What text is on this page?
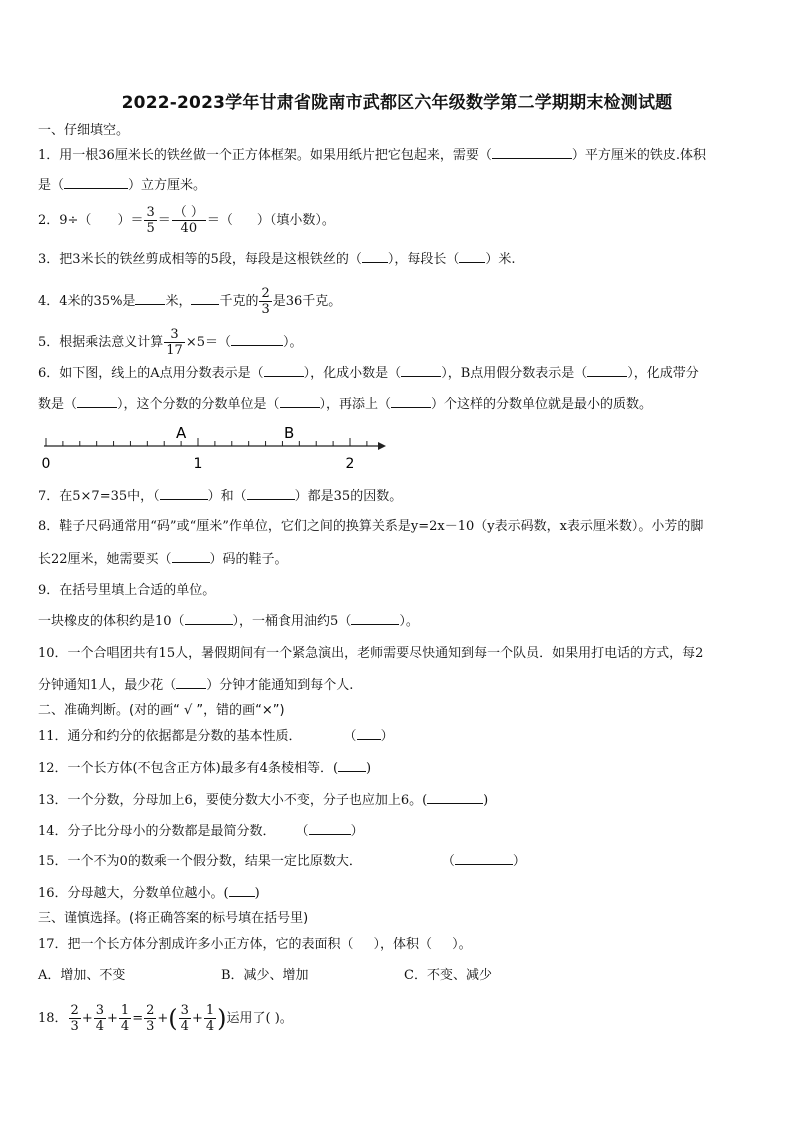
2022-2023学年甘肃省陇南市武都区六年级数学第二学期期末检测试题
一、仔细填空。
1．用一根36厘米长的铁丝做一个正方体框架。如果用纸片把它包起来，需要（	）平方厘米的铁皮.体积
是（	）立方厘米。
2．9÷（ ）＝ $\frac{3}{5} = \frac{( )}{40}$ ＝（ ）（填小数）。
3．把3米长的铁丝剪成相等的5段，每段是这根铁丝的（ ），每段长（ ）米.
4．4米的35%是 米， 千克的 $\frac{2}{3}$ 是36千克。
5．根据乘法意义计算 $\frac{3}{17} \times 5=$（	）。
6．如下图，线上的A点用分数表示是（	），化成小数是（	），B点用假分数表示是（	），化成带分
数是（	），这个分数的分数单位是（	），再添上（	）个这样的分数单位就是最小的质数。
A	B
0	1	2
7．在5×7=35中，（	）和（	）都是35的因数。
8．鞋子尺码通常用“码”或“厘米”作单位，它们之间的换算关系是y=2x－10（y表示码数，x表示厘米数）。小芳的脚
长22厘米，她需要买（	）码的鞋子。
9．在括号里填上合适的单位。
一块橡皮的体积约是10（	），一桶食用油约5（	）。
10．一个合唱团共有15人，暑假期间有一个紧急演出，老师需要尽快通知到每一个队员．如果用打电话的方式，每2
分钟通知1人，最少花（ ）分钟才能通知到每个人.
二、准确判断。(对的画“ √ ”，错的画“×”)
11．通分和约分的依据都是分数的基本性质．	（ ）
12．一个长方体(不包含正方体)最多有4条棱相等．( )
13．一个分数，分母加上6，要使分数大小不变，分子也应加上6。(	)
14．分子比分母小的分数都是最简分数． （	）
15．一个不为0的数乘一个假分数，结果一定比原数大．	（	）
16．分母越大，分数单位越小。( )
三、谨慎选择。(将正确答案的标号填在括号里)
17．把一个长方体分割成许多小正方体，它的表面积（ ），体积（ ）。
A．增加、不变	B．减少、增加	C．不变、减少
18． $\frac{2}{3} + \frac{3}{4} + \frac{1}{4} = \frac{2}{3}$ +( $\frac{3}{4} + \frac{1}{4}$ )运用了( )。
